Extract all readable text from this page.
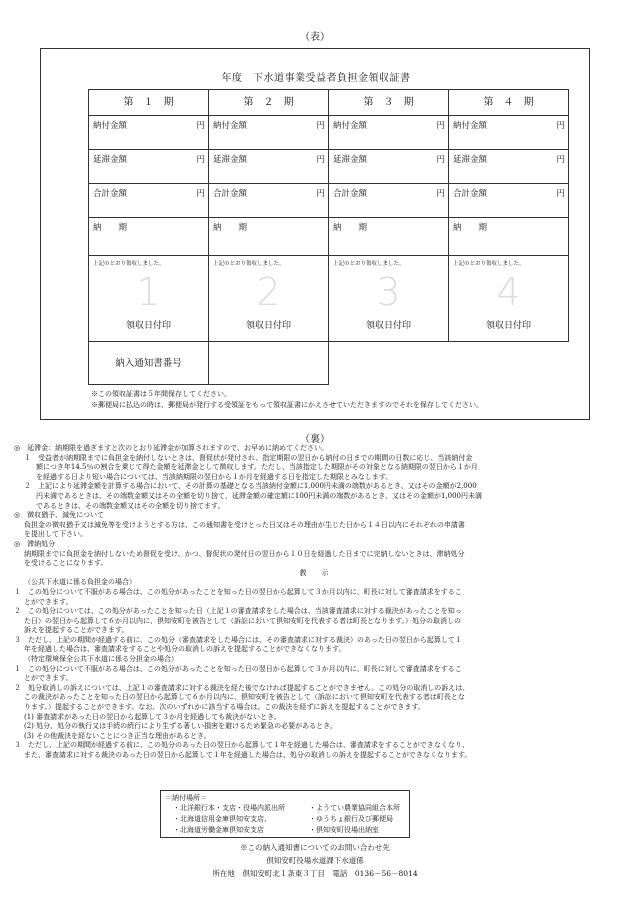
（表）
年度　下水道事業受益者負担金領収証書
第　１　期	第　２　期	第　３　期	第　４　期
納付金額	円 納付金額	円 納付金額	円 納付金額	円
延滞金額	円 延滞金額	円 延滞金額	円 延滞金額	円
合計金額	円 合計金額	円 合計金額	円 合計金額	円
納　　期	納　　期	納　　期	納　　期
上記のとおり領収しました。
1
領収日付印
上記のとおり領収しました。
2
領収日付印
上記のとおり領収しました。
3
領収日付印
上記のとおり領収しました。
4
領収日付印
納入通知書番号
※この領収証書は５年間保存してください。
※郵便局に払込の時は、郵便局が発行する受領証をもって領収証書にかえさせていただきますのでそれを保存してください。
（裏）

◎　延滞金：納期限を過ぎますと次のとおり延滞金が加算されますので、お早めに納めてください。

１　受益者が納期限までに負担金を納付しないときは、督促状が発付され、指定期限の翌日から納付の日までの期間の日数に応じ、当該納付金

額につき年14.5％の割合を乗じて得た金額を延滞金として徴収します。ただし、当該指定した期限がその対象となる納期限の翌日から１か月

を経過する日より短い場合については、当該納期限の翌日から１か月を経過する日を指定した期限とみなします。

２　上記により延滞金額を計算する場合において、その計算の基礎となる当該納付金額に1,000円未満の端数があるとき、又はその金額が2,000

円未満であるときは、その端数金額又はその全額を切り捨て、延滞金額の確定額に100円未満の端数があるとき、又はその金額が1,000円未満

であるときは、その端数金額又はその全額を切り捨てます。

◎　徴収猶予、減免について

負担金の徴収猶予又は減免等を受けようとする方は、この通知書を受けとった日又はその理由が生じた日から１４日以内にそれぞれの申請書

を提出して下さい。

◎　滞納処分

納期限までに負担金を納付しないため督促を受け、かつ、督促状の発付日の翌日から１０日を経過した日までに完納しないときは、滞納処分

を受けることになります。

教　示

（公共下水道に係る負担金の場合）

１　この処分について不服がある場合は、この処分があったことを知った日の翌日から起算して３か月以内に、町長に対して審査請求をするこ

とができます。

２　この処分については、この処分があったことを知った日（上記１の審査請求をした場合は、当該審査請求に対する裁決があったことを知っ

た日）の翌日から起算して６か月以内に、倶知安町を被告として（訴訟において倶知安町を代表する者は町長となります。）処分の取消しの

訴えを提起することができます。

３　ただし、上記の期間が経過する前に、この処分（審査請求をした場合には、その審査請求に対する裁決）のあった日の翌日から起算して１

年を経過した場合は、審査請求をすることや処分の取消しの訴えを提起することができなくなります。

（特定環境保全公共下水道に係る分担金の場合）

１　この処分について不服がある場合は、この処分があったことを知った日の翌日から起算して３か月以内に、町長に対して審査請求をするこ

とができます。

２　処分取消しの訴えについては、上記１の審査請求に対する裁決を経た後でなければ提起することができません。この処分の取消しの訴えは、

この裁決があったことを知った日の翌日から起算して６か月以内に、倶知安町を被告として（訴訟において倶知安町を代表する者は町長とな

ります。）提起することができます。なお、次のいずれかに該当する場合は、この裁決を経ずに訴えを提起することができます。

(1) 審査請求があった日の翌日から起算して３か月を経過しても裁決がないとき。

(2) 処分、処分の執行又は手続の続行により生ずる著しい損害を避けるため緊急の必要があるとき。

(3) その他裁決を経ないことにつき正当な理由があるとき。

３　ただし、上記の期間が経過する前に、この処分のあった日の翌日から起算して１年を経過した場合は、審査請求をすることができなくなり、

また、審査請求に対する裁決のあった日の翌日から起算して１年を経過した場合は、処分の取消しの訴えを提起することができなくなります。

＝納付場所＝
・北洋銀行本・支店・役場内派出所
・北海道信用金庫倶知安支店、
・北海道労働金庫倶知安支店
・ようてい農業協同組合本所
・ゆうちょ銀行及び郵便局
・倶知安町役場出納室
※この納入通知書についてのお問い合わせ先
倶知安町役場水道課下水道係
所在地　倶知安町北１条東３丁目　電話　0136－56－8014
